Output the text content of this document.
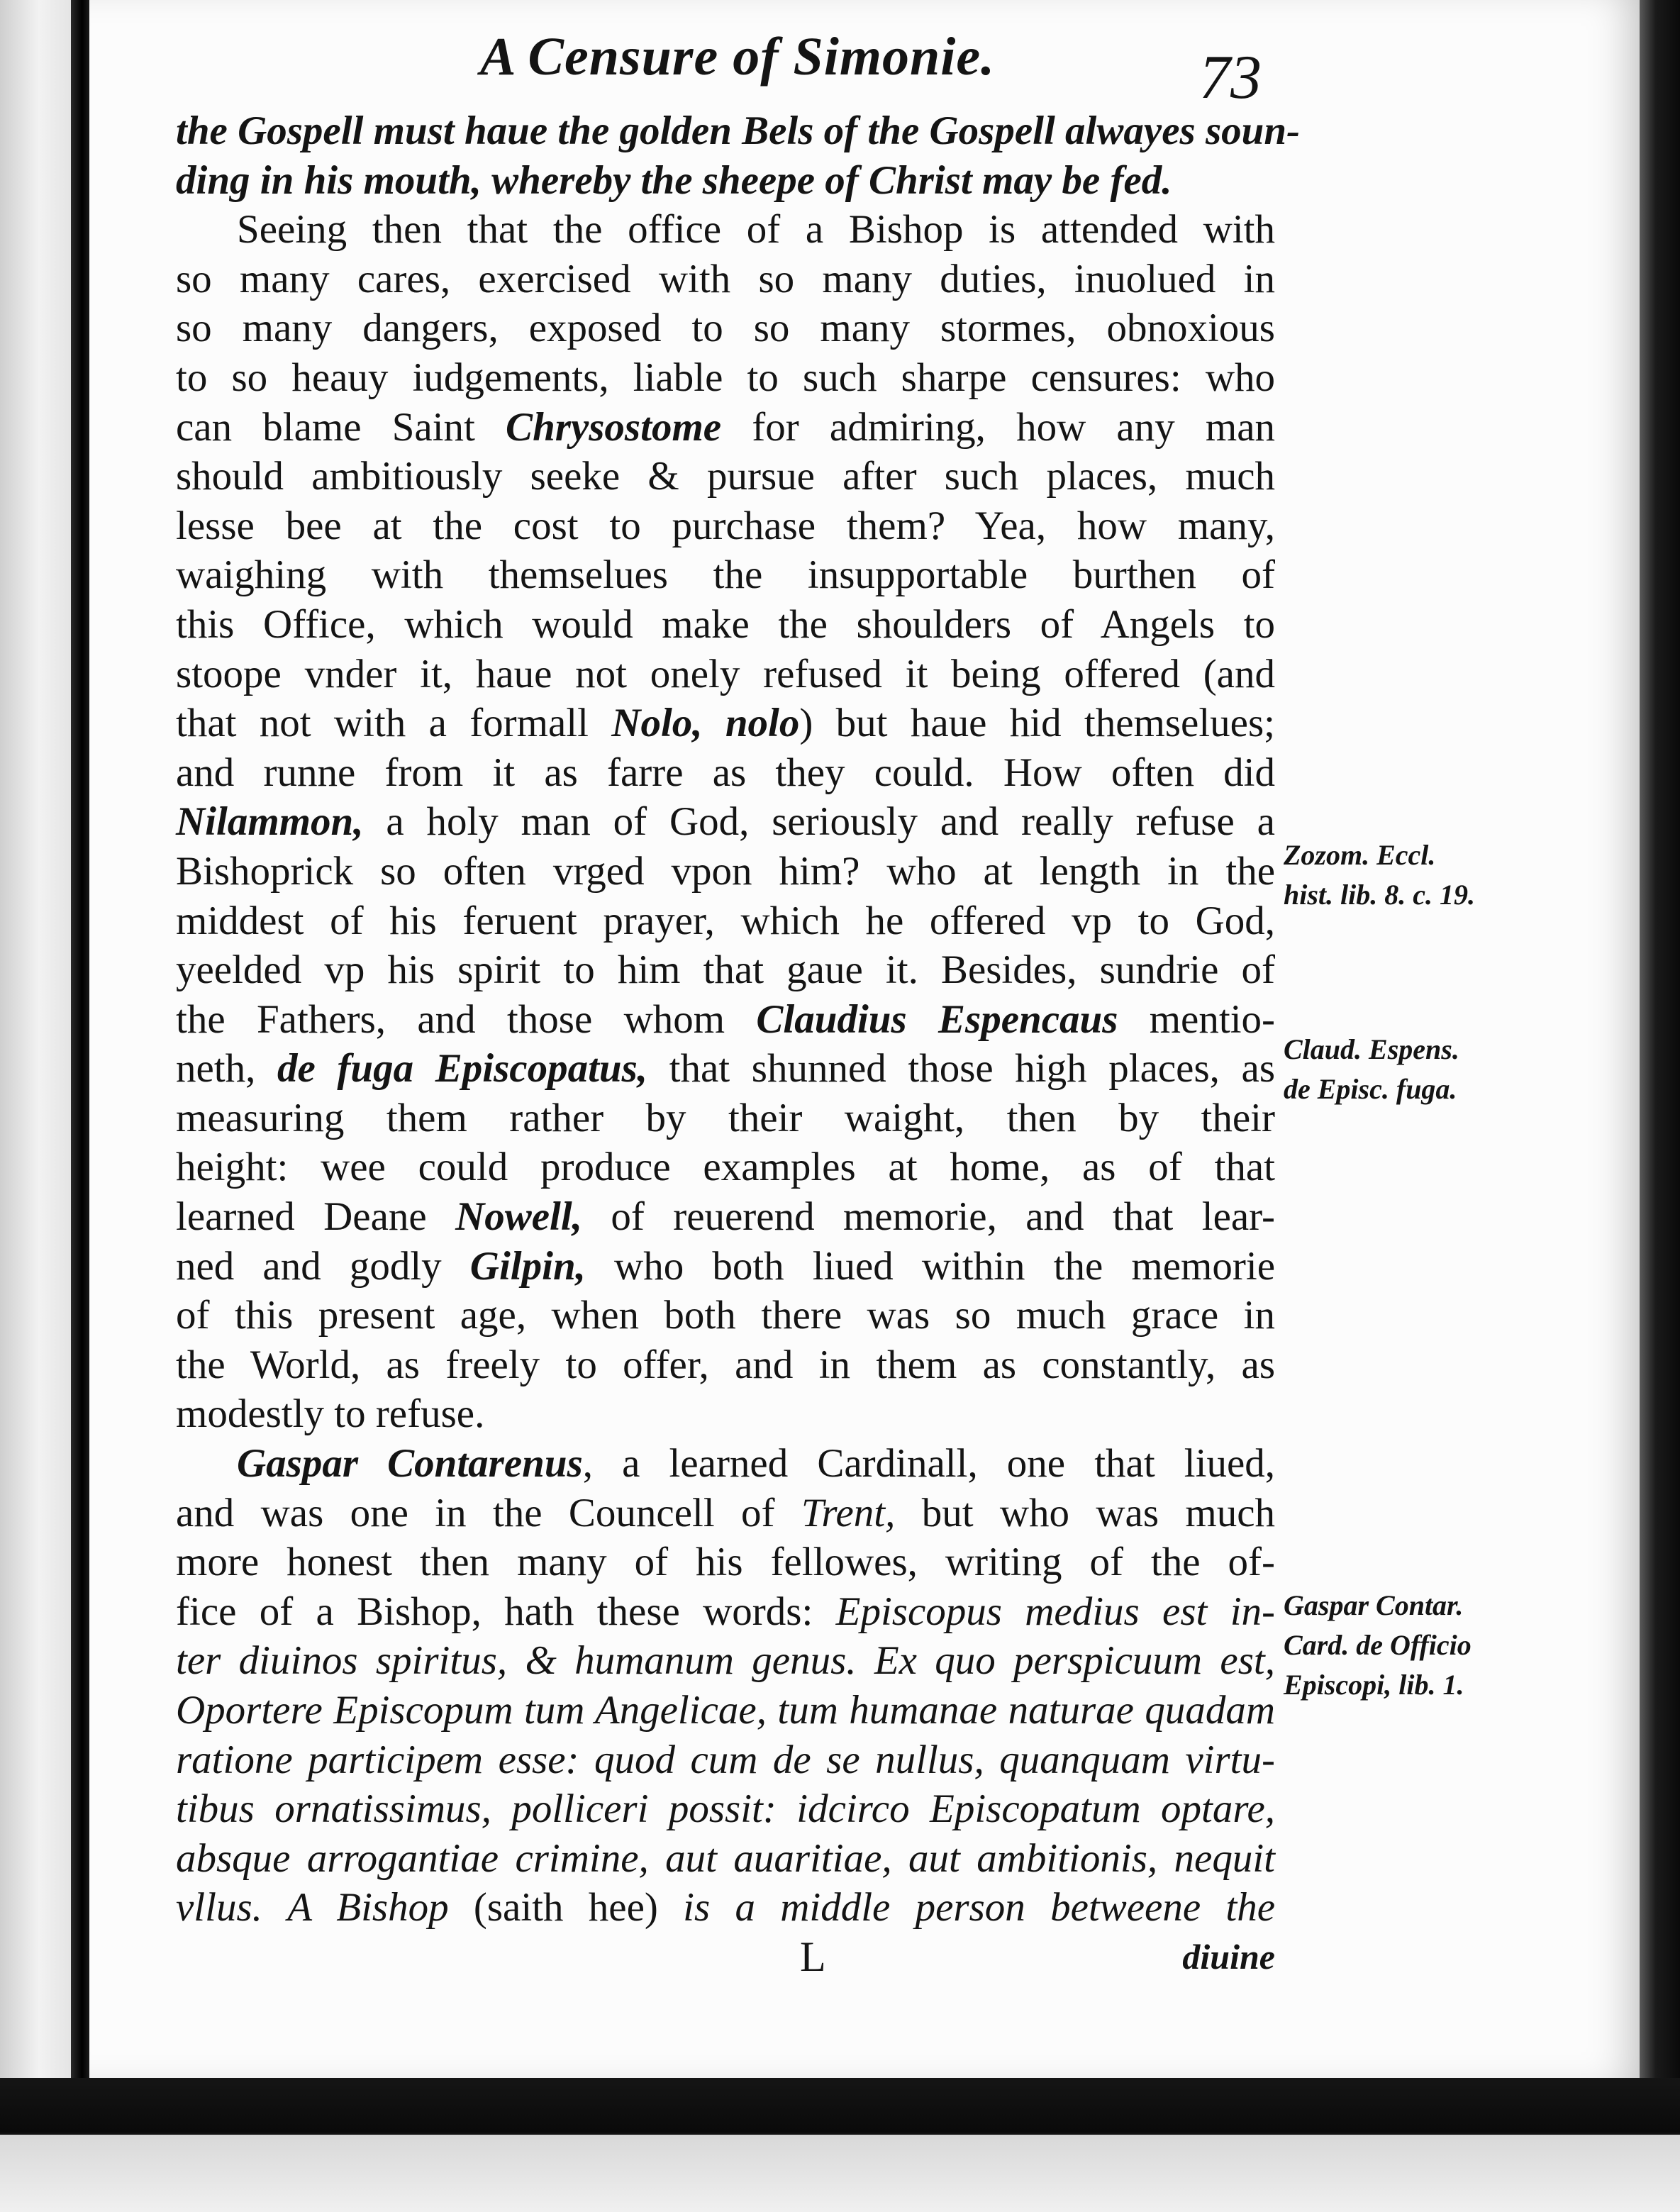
A Censure of Simonie.	73
the Gospell must haue the golden Bels of the Gospell alwayes soun-
ding in his mouth, whereby the sheepe of Christ may be fed.
Seeing then that the office of a Bishop is attended with
so many cares, exercised with so many duties, inuolued in
so many dangers, exposed to so many stormes, obnoxious
to so heauy iudgements, liable to such sharpe censures: who
can blame Saint Chrysostome for admiring, how any man
should ambitiously seeke & pursue after such places, much
lesse bee at the cost to purchase them? Yea, how many,
waighing with themselues the insupportable burthen of
this Office, which would make the shoulders of Angels to
stoope vnder it, haue not onely refused it being offered (and
that not with a formall Nolo, nolo) but haue hid themselues;
and runne from it as farre as they could. How often did
Nilammon, a holy man of God, seriously and really refuse a
Bishoprick so often vrged vpon him? who at length in the
middest of his feruent prayer, which he offered vp to God,
yeelded vp his spirit to him that gaue it. Besides, sundrie of
the Fathers, and those whom Claudius Espencaus mentio-
neth, de fuga Episcopatus, that shunned those high places, as
measuring them rather by their waight, then by their
height: wee could produce examples at home, as of that
learned Deane Nowell, of reuerend memorie, and that lear-
ned and godly Gilpin, who both liued within the memorie
of this present age, when both there was so much grace in
the World, as freely to offer, and in them as constantly, as
modestly to refuse.
Gaspar Contarenus, a learned Cardinall, one that liued,
and was one in the Councell of Trent, but who was much
more honest then many of his fellowes, writing of the of-
fice of a Bishop, hath these words: Episcopus medius est in-
ter diuinos spiritus, & humanum genus. Ex quo perspicuum est,
Oportere Episcopum tum Angelicae, tum humanae naturae quadam
ratione participem esse: quod cum de se nullus, quanquam virtu-
tibus ornatissimus, polliceri possit: idcirco Episcopatum optare,
absque arrogantiae crimine, aut auaritiae, aut ambitionis, nequit
vllus. A Bishop (saith hee) is a middle person betweene the
L	diuine
Zozom. Eccl.
hist. lib. 8. c. 19.
Claud. Espens.
de Episc. fuga.
Gaspar Contar.
Card. de Officio
Episcopi, lib. 1.
